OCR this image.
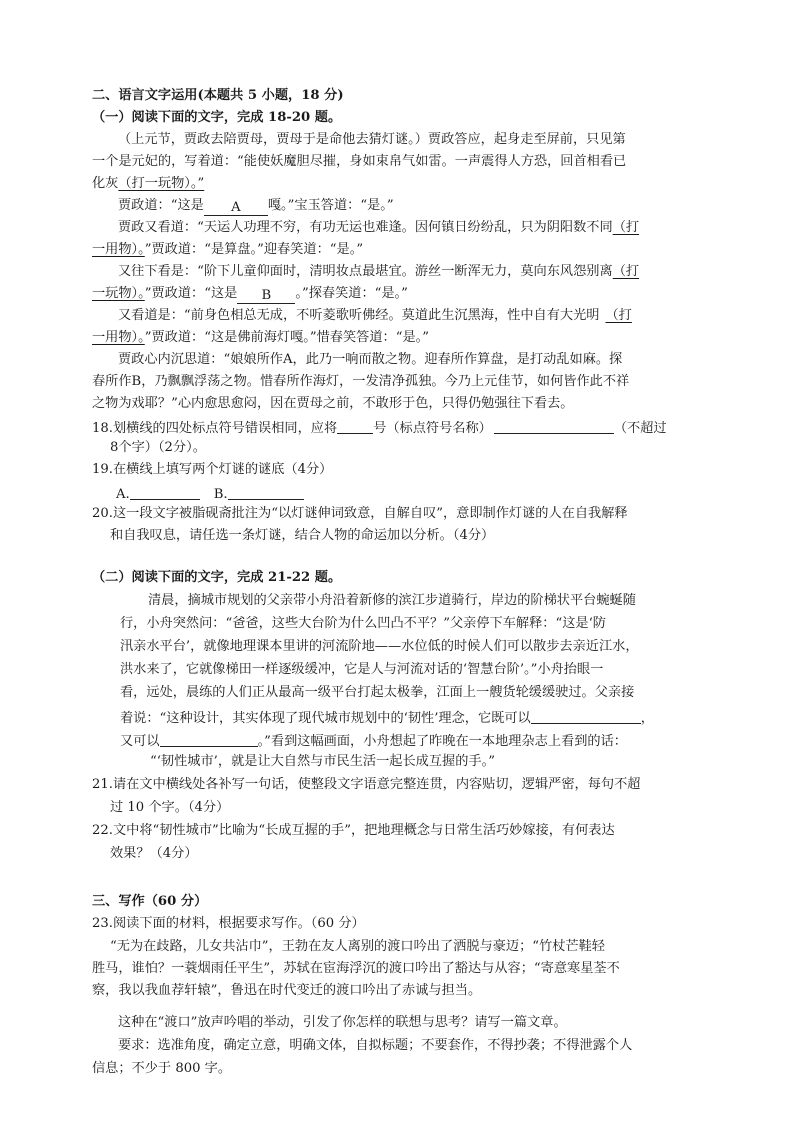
二、语言文字运用(本题共 5 小题，18 分)
（一）阅读下面的文字，完成 18-20 题。
（上元节，贾政去陪贾母，贾母于是命他去猜灯谜。）贾政答应，起身走至屏前，只见第
一个是元妃的，写着道：“能使妖魔胆尽摧，身如束帛气如雷。一声震得人方恐，回首相看已
化灰（打一玩物）。”
贾政道：“这是 A 嘎。”宝玉答道：“是。”
贾政又看道：“天运人功理不穷，有功无运也难逢。因何镇日纷纷乱，只为阴阳数不同（打
一用物）。”贾政道：“是算盘。”迎春笑道：“是。”
又往下看是：“阶下儿童仰面时，清明妆点最堪宜。游丝一断浑无力，莫向东风怨别离（打
一玩物）。”贾政道：“这是 B 。”探春笑道：“是。”
又看道是：“前身色相总无成，不听菱歌听佛经。莫道此生沉黑海，性中自有大光明 （打
一用物）。”贾政道：“这是佛前海灯嘎。”惜春笑答道：“是。”
贾政心内沉思道：“娘娘所作A，此乃一响而散之物。迎春所作算盘，是打动乱如麻。探
春所作B，乃飘飘浮荡之物。惜春所作海灯，一发清净孤独。今乃上元佳节，如何皆作此不祥
之物为戏耶？”心内愈思愈闷，因在贾母之前，不敢形于色，只得仍勉强往下看去。
18.划横线的四处标点符号错误相同，应将	号（标点符号名称）	（不超过
8个字）（2分）。
19.在横线上填写两个灯谜的谜底（4分）
A.	B.
20.这一段文字被脂砚斋批注为“以灯谜伸词致意，自解自叹”，意即制作灯谜的人在自我解释
和自我叹息，请任选一条灯谜，结合人物的命运加以分析。（4分）
（二）阅读下面的文字，完成 21-22 题。
清晨，摘城市规划的父亲带小舟沿着新修的滨江步道骑行，岸边的阶梯状平台蜿蜒随
行，小舟突然问：“爸爸，这些大台阶为什么凹凸不平？”父亲停下车解释：“这是‘防
汛亲水平台’，就像地理课本里讲的河流阶地——水位低的时候人们可以散步去亲近江水，
洪水来了，它就像梯田一样逐级缓冲，它是人与河流对话的‘智慧台阶’。”小舟抬眼一
看，远处，晨练的人们正从最高一级平台打起太极拳，江面上一艘货轮缓缓驶过。父亲接
着说：“这种设计，其实体现了现代城市规划中的‘韧性’理念，它既可以	，
又可以	。”看到这幅画面，小舟想起了昨晚在一本地理杂志上看到的话：
“‘韧性城市’，就是让大自然与市民生活一起长成互握的手。”
21.请在文中横线处各补写一句话，使整段文字语意完整连贯，内容贴切，逻辑严密，每句不超
过 10 个字。（4分）
22.文中将“韧性城市”比喻为“长成互握的手”，把地理概念与日常生活巧妙嫁接，有何表达
效果？（4分）
三、写作（60 分）
23.阅读下面的材料，根据要求写作。（60 分）
“无为在歧路，儿女共沾巾”，王勃在友人离别的渡口吟出了洒脱与豪迈；“竹杖芒鞋轻
胜马，谁怕？一蓑烟雨任平生”，苏轼在宦海浮沉的渡口吟出了豁达与从容；“寄意寒星荃不
察，我以我血荐轩辕”，鲁迅在时代变迁的渡口吟出了赤诚与担当。
这种在“渡口”放声吟唱的举动，引发了你怎样的联想与思考？请写一篇文章。
要求：选准角度，确定立意，明确文体，自拟标题；不要套作，不得抄袭；不得泄露个人
信息；不少于 800 字。
